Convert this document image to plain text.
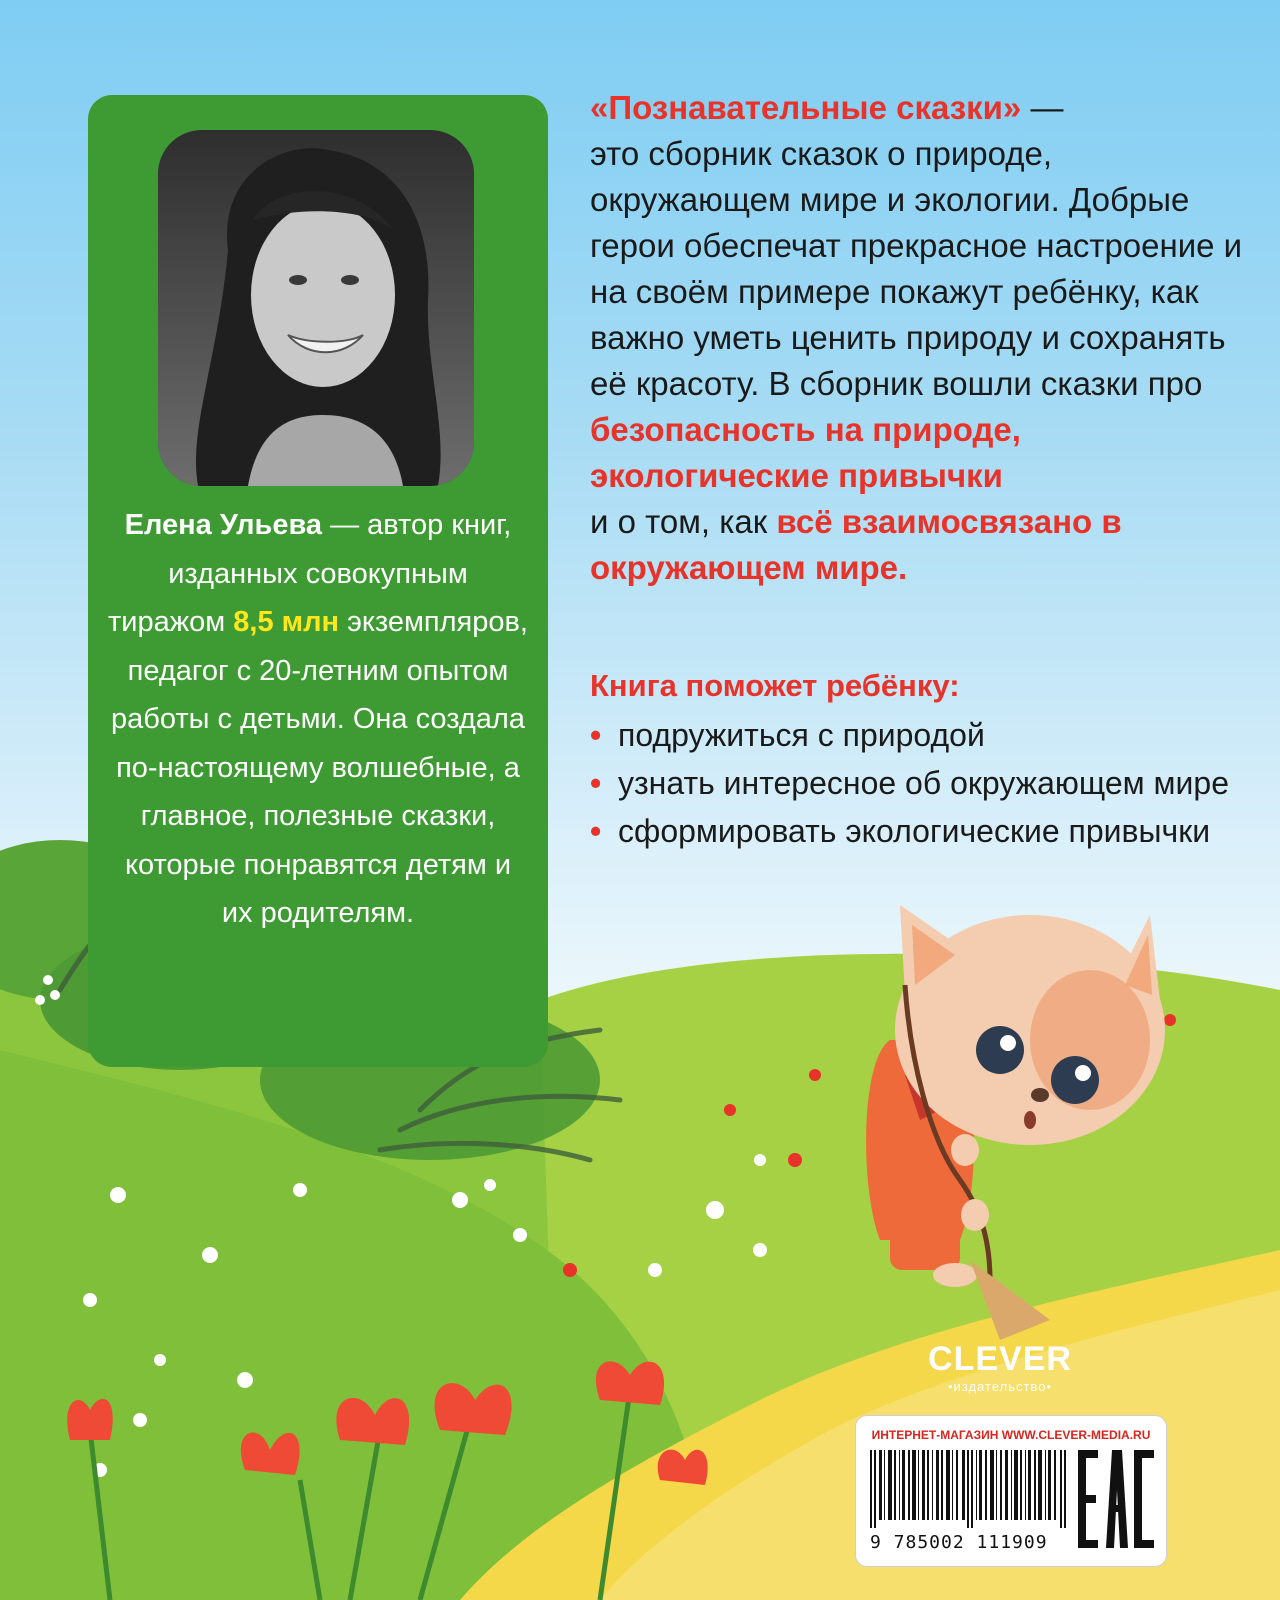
Елена Ульева — автор книг, изданных совокупным тиражом 8,5 млн экземпляров, педагог с 20-летним опытом работы с детьми. Она создала по-настоящему волшебные, а главное, полезные сказки, которые понравятся детям и их родителям.

«Познавательные сказки» —

это сборник сказок о природе, окружающем мире и экологии. Добрые герои обеспечат прекрасное настроение и на своём примере покажут ребёнку, как важно уметь ценить природу и сохранять её красоту. В сборник вошли сказки про безопасность на природе, экологические привычки

и о том, как всё взаимосвязано в окружающем мире.

Книга поможет ребёнку:
• подружиться с природой
• узнать интересное об окружающем мире
• сформировать экологические привычки
CLEVER
•издательство•
ИНТЕРНЕТ-МАГАЗИН WWW.CLEVER-MEDIA.RU
9 785002 111909
